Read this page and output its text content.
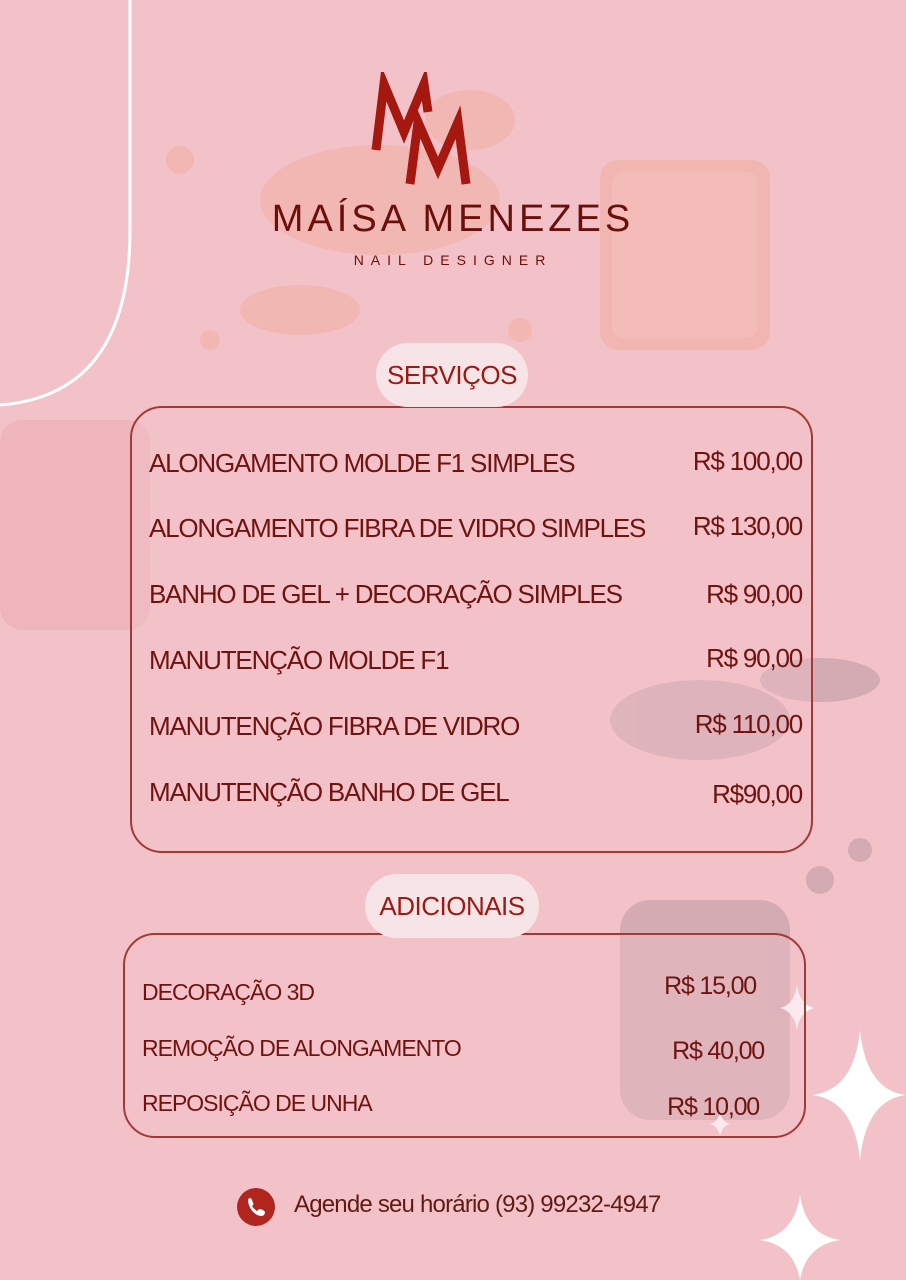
MAÍSA MENEZES
NAIL DESIGNER
SERVIÇOS
ALONGAMENTO MOLDE F1 SIMPLES	R$ 100,00
ALONGAMENTO FIBRA DE VIDRO SIMPLES R$ 130,00
BANHO DE GEL + DECORAÇÃO SIMPLES	R$ 90,00
MANUTENÇÃO MOLDE F1	R$ 90,00
MANUTENÇÃO FIBRA DE VIDRO	R$ 110,00
MANUTENÇÃO BANHO DE GEL	R$90,00
ADICIONAIS
DECORAÇÃO 3D	R$ 15,00
REMOÇÃO DE ALONGAMENTO	R$ 40,00
REPOSIÇÃO DE UNHA	R$ 10,00
Agende seu horário (93) 99232-4947
